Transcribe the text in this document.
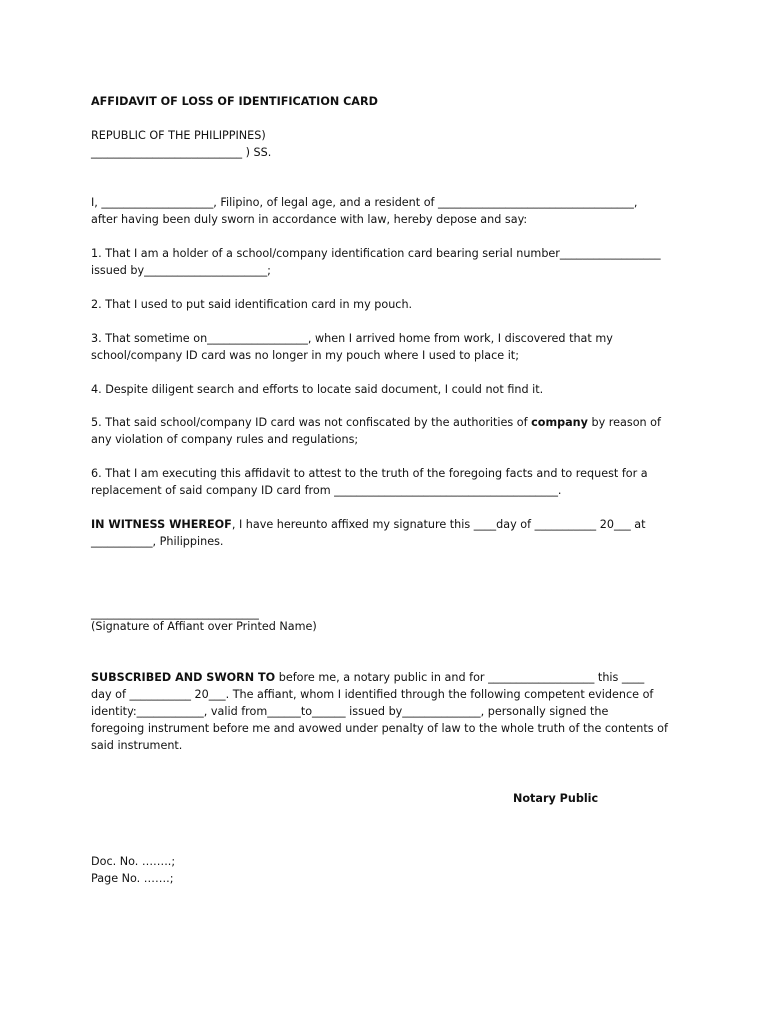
AFFIDAVIT OF LOSS OF IDENTIFICATION CARD

REPUBLIC OF THE PHILIPPINES)
___________________________ ) SS.

I, ____________________, Filipino, of legal age, and a resident of ___________________________________,
after having been duly sworn in accordance with law, hereby depose and say:

1. That I am a holder of a school/company identification card bearing serial number__________________
issued by______________________;

2. That I used to put said identification card in my pouch.

3. That sometime on__________________, when I arrived home from work, I discovered that my
school/company ID card was no longer in my pouch where I used to place it;

4. Despite diligent search and efforts to locate said document, I could not find it.

5. That said school/company ID card was not confiscated by the authorities of company by reason of
any violation of company rules and regulations;

6. That I am executing this affidavit to attest to the truth of the foregoing facts and to request for a
replacement of said company ID card from ________________________________________.

IN WITNESS WHEREOF, I have hereunto affixed my signature this ____day of ___________ 20___ at
___________, Philippines.

______________________________

(Signature of Affiant over Printed Name)

SUBSCRIBED AND SWORN TO before me, a notary public in and for ___________________ this ____
day of ___________ 20___. The affiant, whom I identified through the following competent evidence of
identity:____________, valid from______to______ issued by______________, personally signed the
foregoing instrument before me and avowed under penalty of law to the whole truth of the contents of
said instrument.

Notary Public

Doc. No. ……..;
Page No. …….;
